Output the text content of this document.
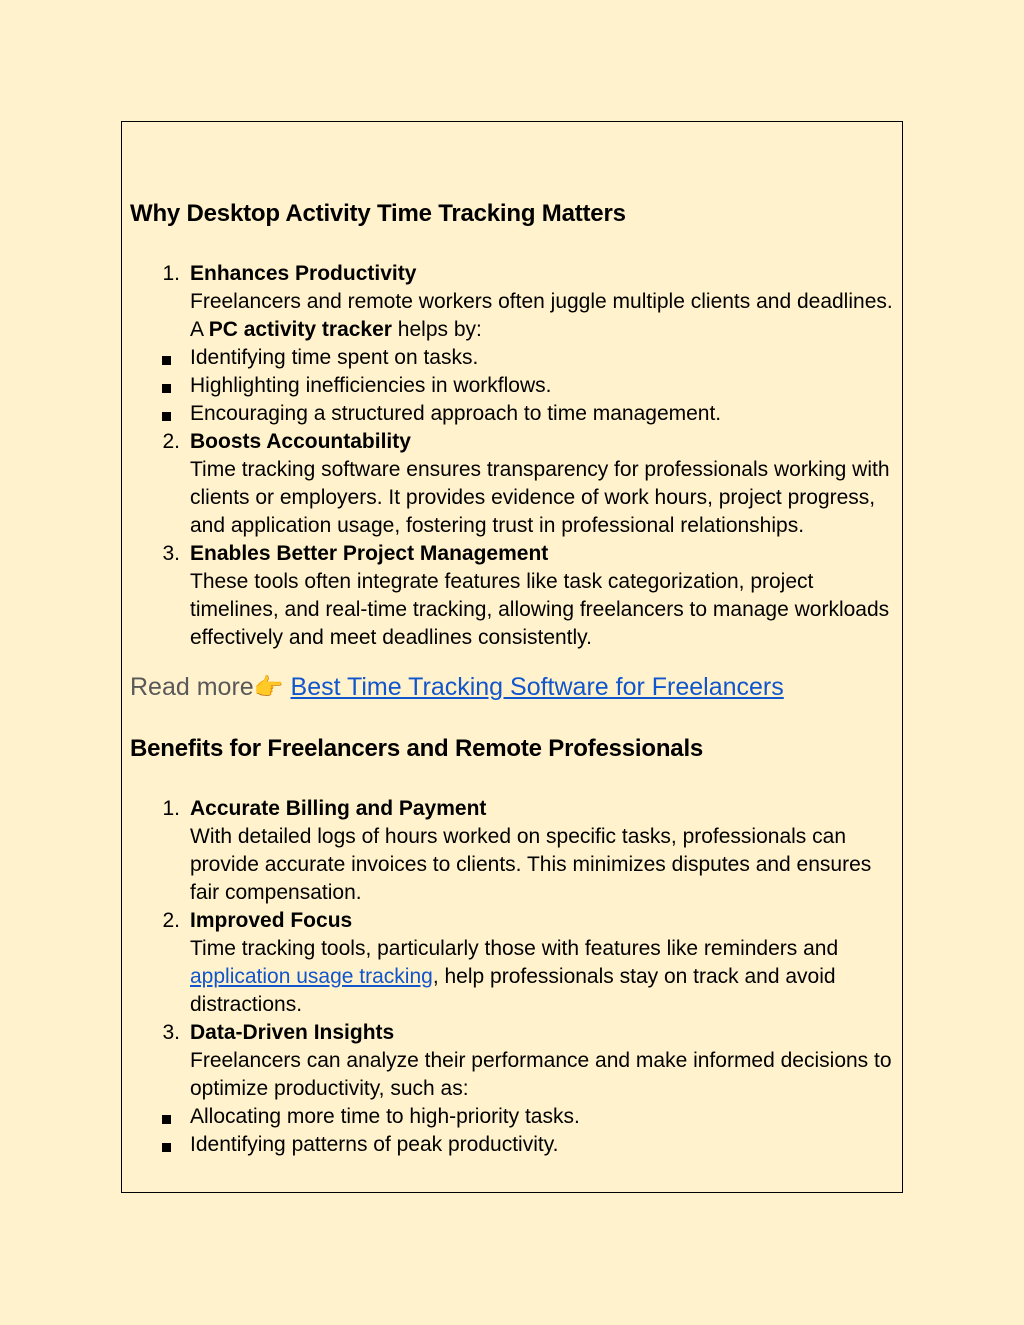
Why Desktop Activity Time Tracking Matters
1. Enhances Productivity
Freelancers and remote workers often juggle multiple clients and deadlines. A PC activity tracker helps by:
Identifying time spent on tasks.
Highlighting inefficiencies in workflows.
Encouraging a structured approach to time management.
2. Boosts Accountability
Time tracking software ensures transparency for professionals working with clients or employers. It provides evidence of work hours, project progress, and application usage, fostering trust in professional relationships.
3. Enables Better Project Management
These tools often integrate features like task categorization, project timelines, and real-time tracking, allowing freelancers to manage workloads effectively and meet deadlines consistently.
Read more👉 Best Time Tracking Software for Freelancers
Benefits for Freelancers and Remote Professionals
1. Accurate Billing and Payment
With detailed logs of hours worked on specific tasks, professionals can provide accurate invoices to clients. This minimizes disputes and ensures fair compensation.
2. Improved Focus
Time tracking tools, particularly those with features like reminders and application usage tracking, help professionals stay on track and avoid distractions.
3. Data-Driven Insights
Freelancers can analyze their performance and make informed decisions to optimize productivity, such as:
Allocating more time to high-priority tasks.
Identifying patterns of peak productivity.
